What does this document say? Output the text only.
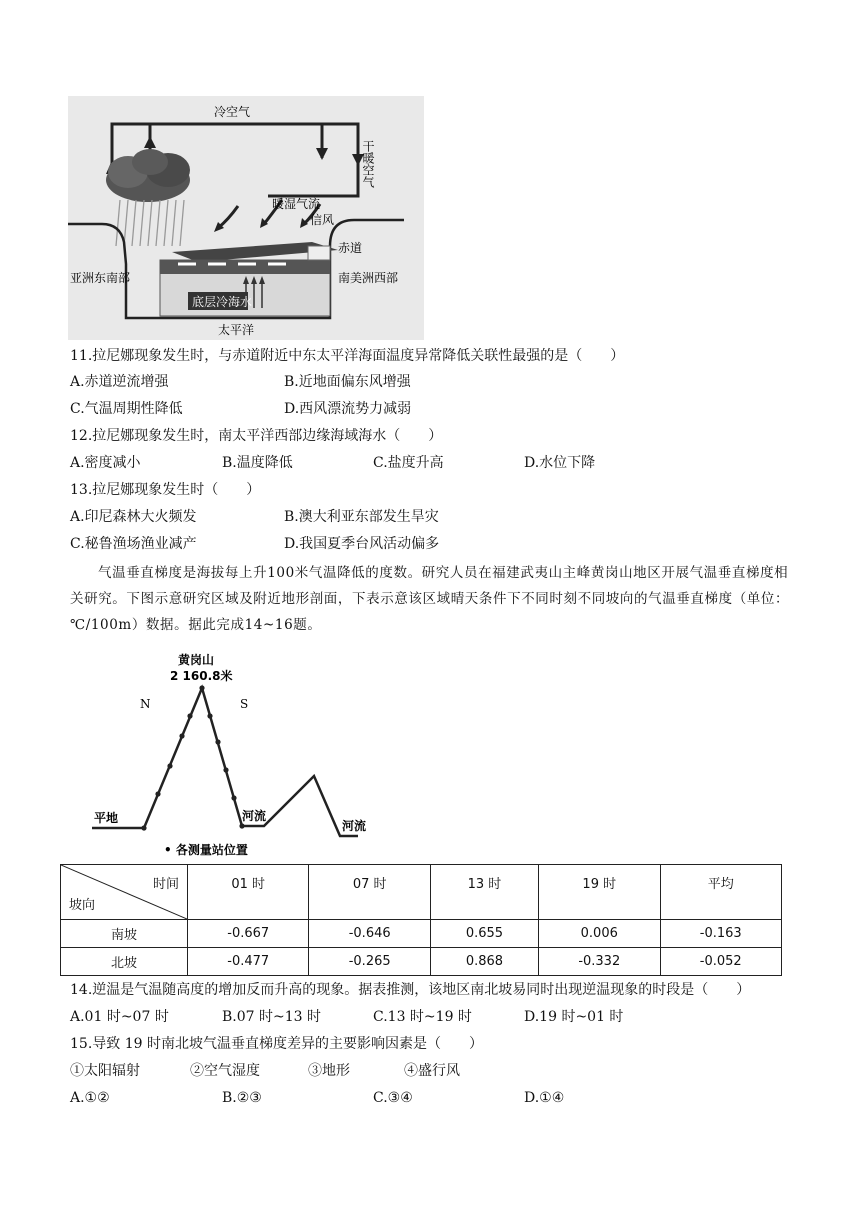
冷空气
干暖空气
暖湿气流
信风
赤道
亚洲东南部	南美洲西部
底层冷海水
太平洋
11.拉尼娜现象发生时，与赤道附近中东太平洋海面温度异常降低关联性最强的是（　　）
A.赤道逆流增强	B.近地面偏东风增强
C.气温周期性降低	D.西风漂流势力减弱
12.拉尼娜现象发生时，南太平洋西部边缘海域海水（　　）
A.密度减小	B.温度降低	C.盐度升高	D.水位下降
13.拉尼娜现象发生时（　　）
A.印尼森林大火频发	B.澳大利亚东部发生旱灾
C.秘鲁渔场渔业减产	D.我国夏季台风活动偏多
气温垂直梯度是海拔每上升100米气温降低的度数。研究人员在福建武夷山主峰黄岗山地区开展气温垂直梯度相关研究。下图示意研究区域及附近地形剖面，下表示意该区域晴天条件下不同时刻不同坡向的气温垂直梯度（单位：℃/100m）数据。据此完成14~16题。
黄岗山
2 160.8米
N	S
平地	河流
河流
• 各测量站位置
时间
坡向	01 时	07 时	13 时	19 时	平均
南坡	-0.667	-0.646	0.655	0.006	-0.163
北坡	-0.477	-0.265	0.868	-0.332	-0.052
14.逆温是气温随高度的增加反而升高的现象。据表推测，该地区南北坡易同时出现逆温现象的时段是（　　）
A.01 时~07 时	B.07 时~13 时	C.13 时~19 时	D.19 时~01 时
15.导致 19 时南北坡气温垂直梯度差异的主要影响因素是（　　）
①太阳辐射	②空气湿度	③地形	④盛行风
A.①②	B.②③	C.③④	D.①④
